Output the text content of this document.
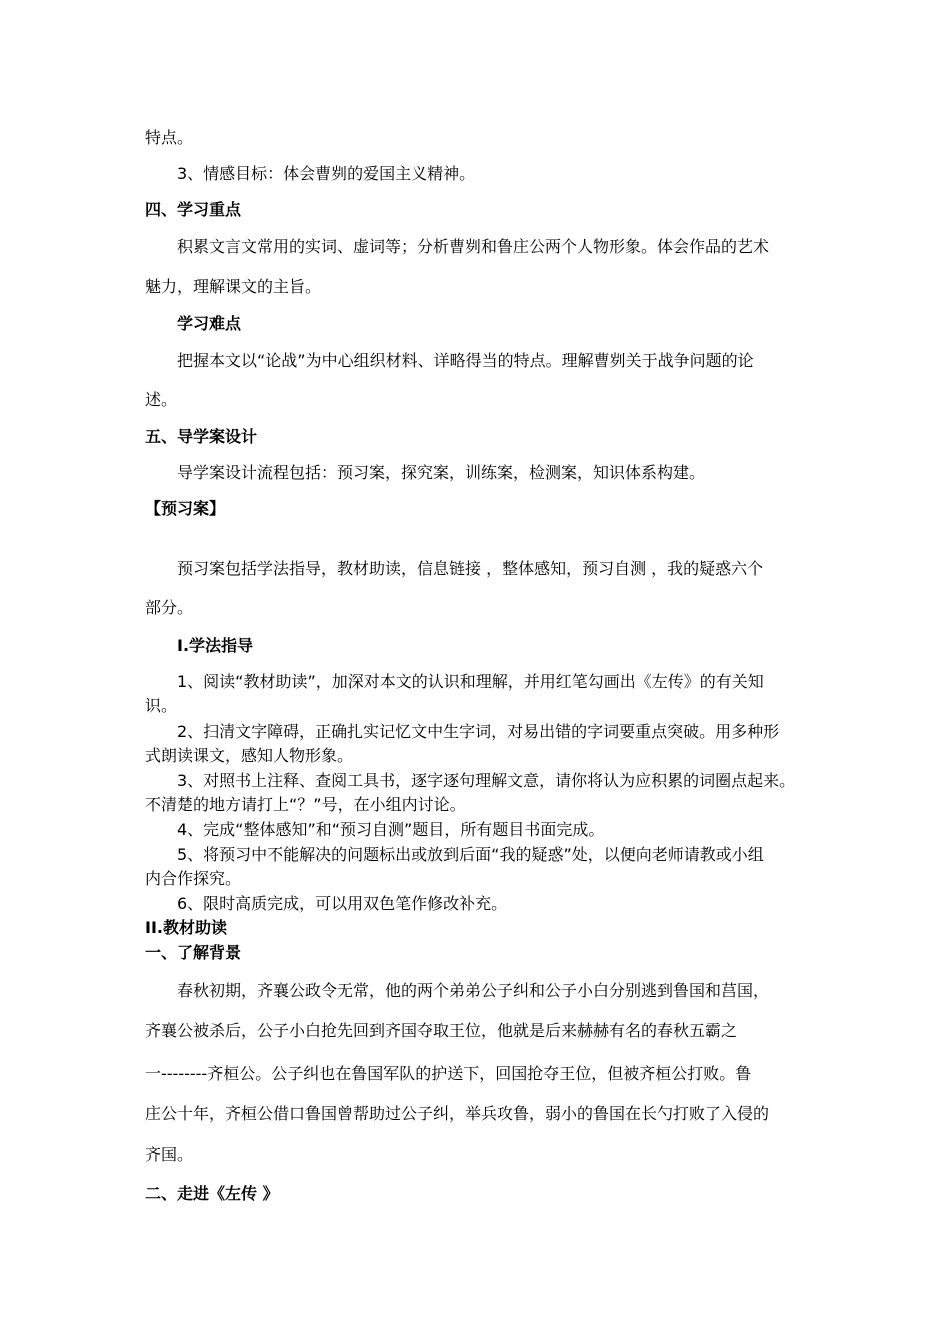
特点。
3、情感目标：体会曹刿的爱国主义精神。
四、学习重点
积累文言文常用的实词、虚词等；分析曹刿和鲁庄公两个人物形象。体会作品的艺术
魅力，理解课文的主旨。
学习难点
把握本文以“论战”为中心组织材料、详略得当的特点。理解曹刿关于战争问题的论
述。
五、导学案设计
导学案设计流程包括：预习案，探究案，训练案，检测案，知识体系构建。
【预习案】
预习案包括学法指导，教材助读，信息链接 ，整体感知，预习自测 ，我的疑惑六个
部分。
I.学法指导
1、阅读“教材助读”，加深对本文的认识和理解，并用红笔勾画出《左传》的有关知
识。
2、扫清文字障碍，正确扎实记忆文中生字词，对易出错的字词要重点突破。用多种形
式朗读课文，感知人物形象。
3、对照书上注释、查阅工具书，逐字逐句理解文意，请你将认为应积累的词圈点起来。
不清楚的地方请打上“？”号，在小组内讨论。
4、完成“整体感知”和“预习自测”题目，所有题目书面完成。
5、将预习中不能解决的问题标出或放到后面“我的疑惑”处，以便向老师请教或小组
内合作探究。
6、限时高质完成，可以用双色笔作修改补充。
II.教材助读
一、了解背景
春秋初期，齐襄公政令无常，他的两个弟弟公子纠和公子小白分别逃到鲁国和莒国，
齐襄公被杀后，公子小白抢先回到齐国夺取王位，他就是后来赫赫有名的春秋五霸之
一--------齐桓公。公子纠也在鲁国军队的护送下，回国抢夺王位，但被齐桓公打败。鲁
庄公十年，齐桓公借口鲁国曾帮助过公子纠，举兵攻鲁，弱小的鲁国在长勺打败了入侵的
齐国。
二、走进《左传 》
